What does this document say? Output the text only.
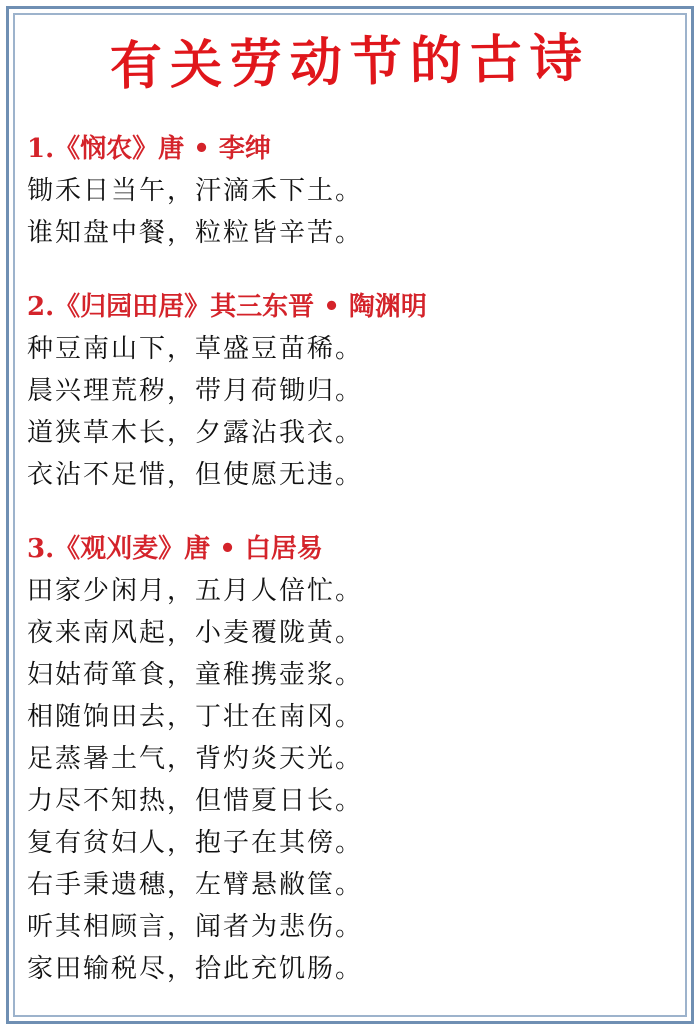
有关劳动节的古诗
1.《悯农》唐 • 李绅
锄禾日当午，汗滴禾下土。
谁知盘中餐，粒粒皆辛苦。
2.《归园田居》其三东晋 • 陶渊明
种豆南山下，草盛豆苗稀。
晨兴理荒秽，带月荷锄归。
道狭草木长，夕露沾我衣。
衣沾不足惜，但使愿无违。
3.《观刈麦》唐 • 白居易
田家少闲月，五月人倍忙。
夜来南风起，小麦覆陇黄。
妇姑荷箪食，童稚携壶浆。
相随饷田去，丁壮在南冈。
足蒸暑土气，背灼炎天光。
力尽不知热，但惜夏日长。
复有贫妇人，抱子在其傍。
右手秉遗穗，左臂悬敝筐。
听其相顾言，闻者为悲伤。
家田输税尽，拾此充饥肠。
